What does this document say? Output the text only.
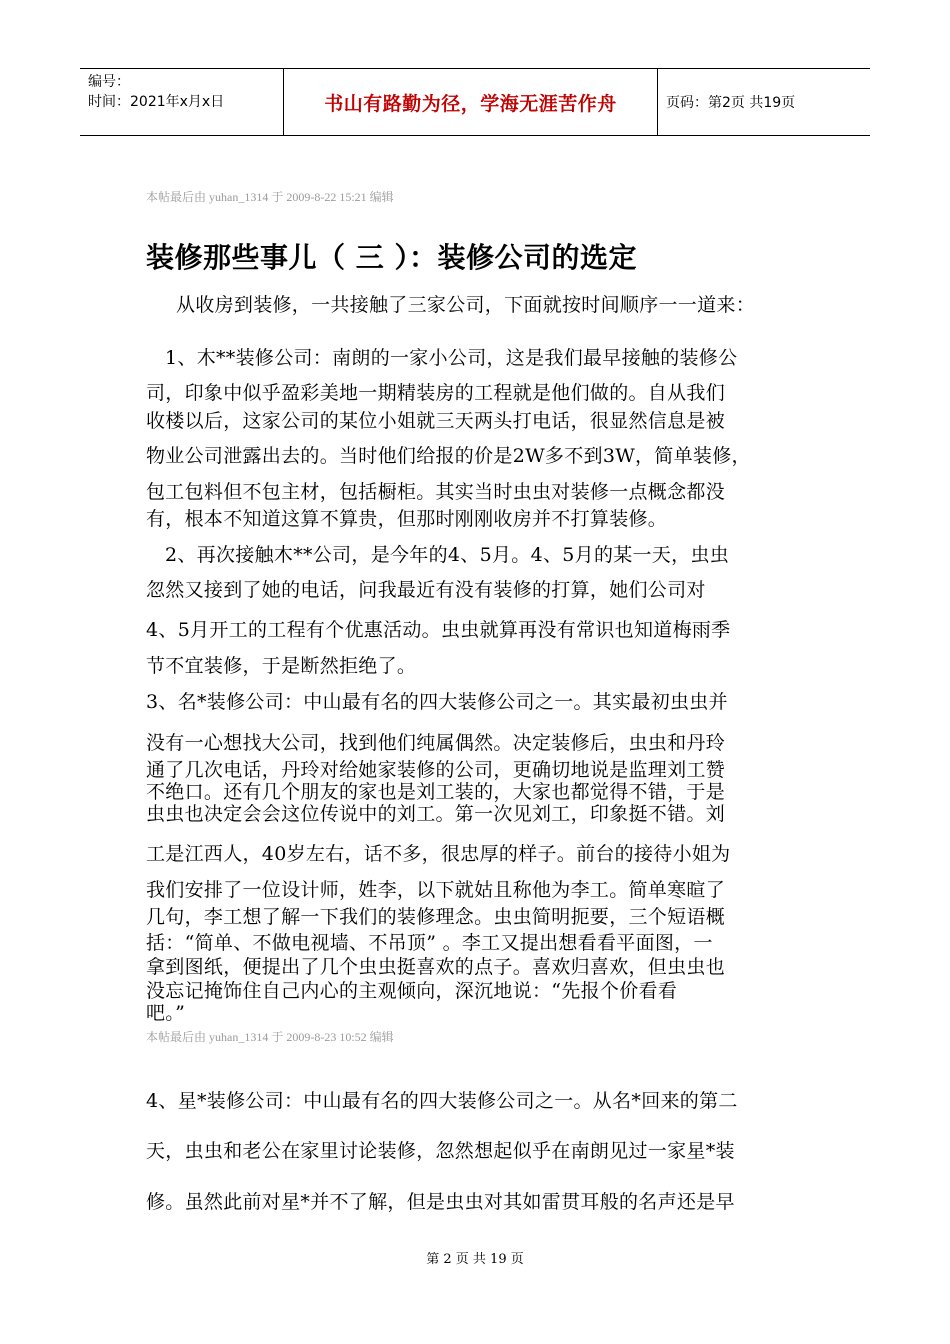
编号：
时间：2021年x月x日	书山有路勤为径，学海无涯苦作舟	页码：第2页 共19页
本帖最后由 yuhan_1314 于 2009-8-22 15:21 编辑
装修那些事儿（ 三 ）：装修公司的选定
从收房到装修，一共接触了三家公司，下面就按时间顺序一一道来：
1、木**装修公司：南朗的一家小公司，这是我们最早接触的装修公
司，印象中似乎盈彩美地一期精装房的工程就是他们做的。自从我们
收楼以后，这家公司的某位小姐就三天两头打电话，很显然信息是被
物业公司泄露出去的。当时他们给报的价是2W多不到3W，简单装修，
包工包料但不包主材，包括橱柜。其实当时虫虫对装修一点概念都没
有，根本不知道这算不算贵，但那时刚刚收房并不打算装修。
2、再次接触木**公司，是今年的4、5月。4、5月的某一天，虫虫
忽然又接到了她的电话，问我最近有没有装修的打算，她们公司对
4、5月开工的工程有个优惠活动。虫虫就算再没有常识也知道梅雨季
节不宜装修，于是断然拒绝了。
3、名*装修公司：中山最有名的四大装修公司之一。其实最初虫虫并
没有一心想找大公司，找到他们纯属偶然。决定装修后，虫虫和丹玲
通了几次电话，丹玲对给她家装修的公司，更确切地说是监理刘工赞
不绝口。还有几个朋友的家也是刘工装的，大家也都觉得不错，于是
虫虫也决定会会这位传说中的刘工。第一次见刘工，印象挺不错。刘
工是江西人，40岁左右，话不多，很忠厚的样子。前台的接待小姐为
我们安排了一位设计师，姓李，以下就姑且称他为李工。简单寒暄了
几句，李工想了解一下我们的装修理念。虫虫简明扼要，三个短语概
括：“简单、不做电视墙、不吊顶” 。李工又提出想看看平面图，一
拿到图纸，便提出了几个虫虫挺喜欢的点子。喜欢归喜欢，但虫虫也
没忘记掩饰住自己内心的主观倾向，深沉地说：“先报个价看看
吧。”
本帖最后由 yuhan_1314 于 2009-8-23 10:52 编辑
4、星*装修公司：中山最有名的四大装修公司之一。从名*回来的第二
天，虫虫和老公在家里讨论装修，忽然想起似乎在南朗见过一家星*装
修。虽然此前对星*并不了解，但是虫虫对其如雷贯耳般的名声还是早
第 2 页 共 19 页
